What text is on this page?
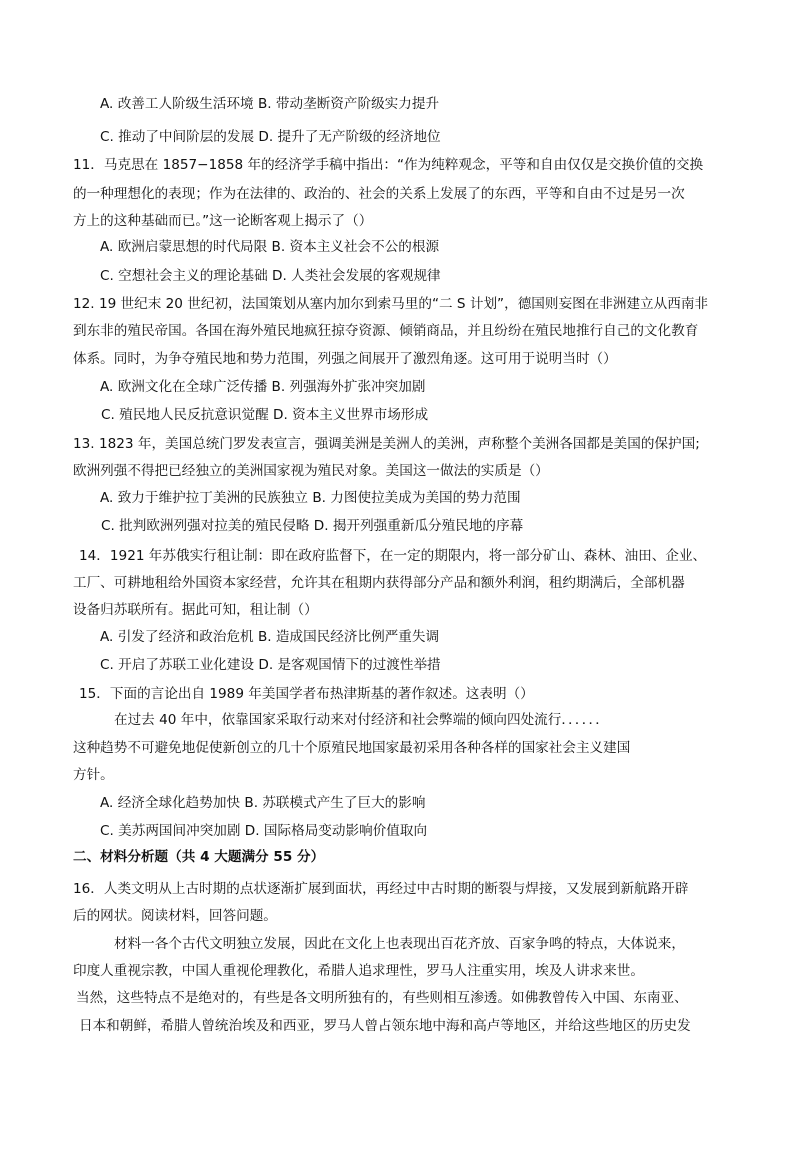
A. 改善工人阶级生活环境 B. 带动垄断资产阶级实力提升
C. 推动了中间阶层的发展 D. 提升了无产阶级的经济地位
11．马克思在 1857−1858 年的经济学手稿中指出：“作为纯粹观念，平等和自由仅仅是交换价值的交换
的一种理想化的表现；作为在法律的、政治的、社会的关系上发展了的东西，平等和自由不过是另一次
方上的这种基础而已。”这一论断客观上揭示了（）
A. 欧洲启蒙思想的时代局限 B. 资本主义社会不公的根源
C. 空想社会主义的理论基础 D. 人类社会发展的客观规律
12. 19 世纪末 20 世纪初，法国策划从塞内加尔到索马里的“二 S 计划”，德国则妄图在非洲建立从西南非
到东非的殖民帝国。各国在海外殖民地疯狂掠夺资源、倾销商品，并且纷纷在殖民地推行自己的文化教育
体系。同时，为争夺殖民地和势力范围，列强之间展开了激烈角逐。这可用于说明当时（）
A. 欧洲文化在全球广泛传播 B. 列强海外扩张冲突加剧
C. 殖民地人民反抗意识觉醒 D. 资本主义世界市场形成
13. 1823 年，美国总统门罗发表宣言，强调美洲是美洲人的美洲，声称整个美洲各国都是美国的保护国;
欧洲列强不得把已经独立的美洲国家视为殖民对象。美国这一做法的实质是（）
A. 致力于维护拉丁美洲的民族独立 B. 力图使拉美成为美国的势力范围
C. 批判欧洲列强对拉美的殖民侵略 D. 揭开列强重新瓜分殖民地的序幕
14．1921 年苏俄实行租让制：即在政府监督下，在一定的期限内，将一部分矿山、森林、油田、企业、
工厂、可耕地租给外国资本家经营，允许其在租期内获得部分产品和额外利润，租约期满后，全部机器
设备归苏联所有。据此可知，租让制（）
A. 引发了经济和政治危机 B. 造成国民经济比例严重失调
C. 开启了苏联工业化建设 D. 是客观国情下的过渡性举措
15．下面的言论出自 1989 年美国学者布热津斯基的著作叙述。这表明（）
在过去 40 年中，依靠国家采取行动来对付经济和社会弊端的倾向四处流行．．．．．．
这种趋势不可避免地促使新创立的几十个原殖民地国家最初采用各种各样的国家社会主义建国
方针。
A. 经济全球化趋势加快 B. 苏联模式产生了巨大的影响
C. 美苏两国间冲突加剧 D. 国际格局变动影响价值取向
二、材料分析题（共 4 大题满分 55 分）
16．人类文明从上古时期的点状逐渐扩展到面状，再经过中古时期的断裂与焊接，又发展到新航路开辟
后的网状。阅读材料，回答问题。
材料一各个古代文明独立发展，因此在文化上也表现出百花齐放、百家争鸣的特点，大体说来，
印度人重视宗教，中国人重视伦理教化，希腊人追求理性，罗马人注重实用，埃及人讲求来世。
当然，这些特点不是绝对的，有些是各文明所独有的，有些则相互渗透。如佛教曾传入中国、东南亚、
日本和朝鲜，希腊人曾统治埃及和西亚，罗马人曾占领东地中海和高卢等地区，并给这些地区的历史发
